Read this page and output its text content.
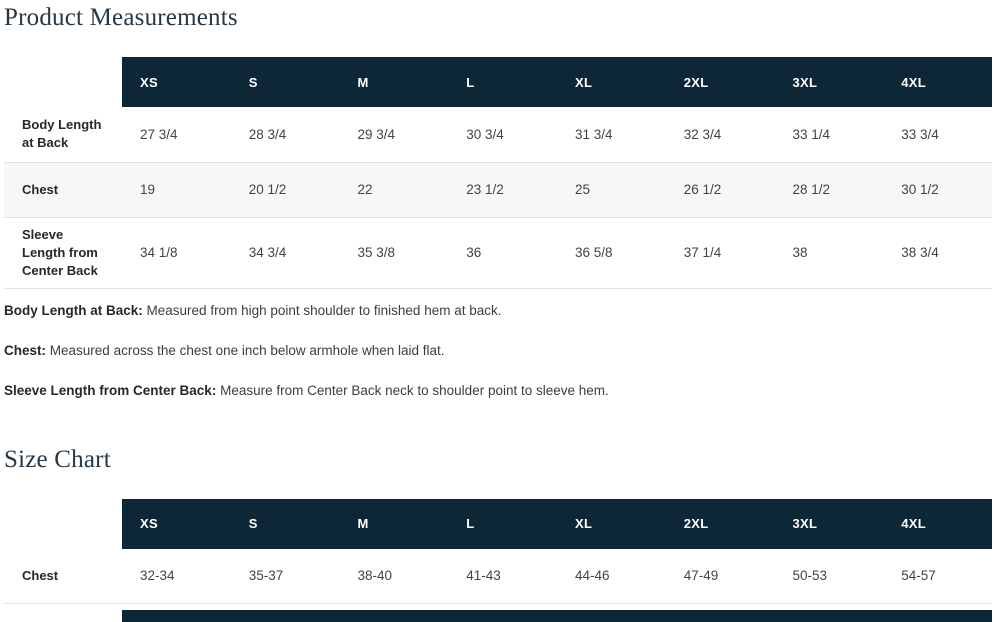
Product Measurements
	XS	S	M	L	XL	2XL	3XL	4XL
Body Length at Back	27 3/4	28 3/4	29 3/4	30 3/4	31 3/4	32 3/4	33 1/4	33 3/4
Chest	19	20 1/2	22	23 1/2	25	26 1/2	28 1/2	30 1/2
Sleeve Length from Center Back	34 1/8	34 3/4	35 3/8	36	36 5/8	37 1/4	38	38 3/4

Body Length at Back: Measured from high point shoulder to finished hem at back.

Chest: Measured across the chest one inch below armhole when laid flat.

Sleeve Length from Center Back: Measure from Center Back neck to shoulder point to sleeve hem.

Size Chart
	XS	S	M	L	XL	2XL	3XL	4XL
Chest	32-34	35-37	38-40	41-43	44-46	47-49	50-53	54-57
